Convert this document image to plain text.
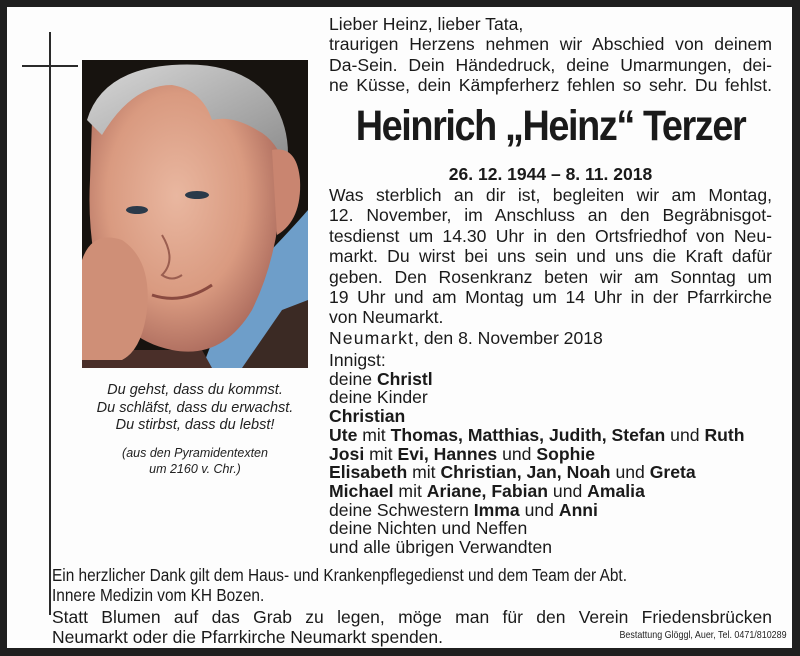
Du gehst, dass du kommst.
Du schläfst, dass du erwachst.
Du stirbst, dass du lebst!
(aus den Pyramidentexten
um 2160 v. Chr.)
Lieber Heinz, lieber Tata,
traurigen Herzens nehmen wir Abschied von deinem
Da-Sein. Dein Händedruck, deine Umarmungen, dei-
ne Küsse, dein Kämpferherz fehlen so sehr. Du fehlst.
Heinrich „Heinz“ Terzer
26. 12. 1944 – 8. 11. 2018
Was sterblich an dir ist, begleiten wir am Montag,
12. November, im Anschluss an den Begräbnisgot-
tesdienst um 14.30 Uhr in den Ortsfriedhof von Neu-
markt. Du wirst bei uns sein und uns die Kraft dafür
geben. Den Rosenkranz beten wir am Sonntag um
19 Uhr und am Montag um 14 Uhr in der Pfarrkirche
von Neumarkt.
Neumarkt, den 8. November 2018
Innigst:
deine Christl
deine Kinder
Christian
Ute mit Thomas, Matthias, Judith, Stefan und Ruth
Josi mit Evi, Hannes und Sophie
Elisabeth mit Christian, Jan, Noah und Greta
Michael mit Ariane, Fabian und Amalia
deine Schwestern Imma und Anni
deine Nichten und Neffen
und alle übrigen Verwandten
Ein herzlicher Dank gilt dem Haus- und Krankenpflegedienst und dem Team der Abt.
Innere Medizin vom KH Bozen.
Statt Blumen auf das Grab zu legen, möge man für den Verein Friedensbrücken
Neumarkt oder die Pfarrkirche Neumarkt spenden.	Bestattung Glöggl, Auer, Tel. 0471/810289
